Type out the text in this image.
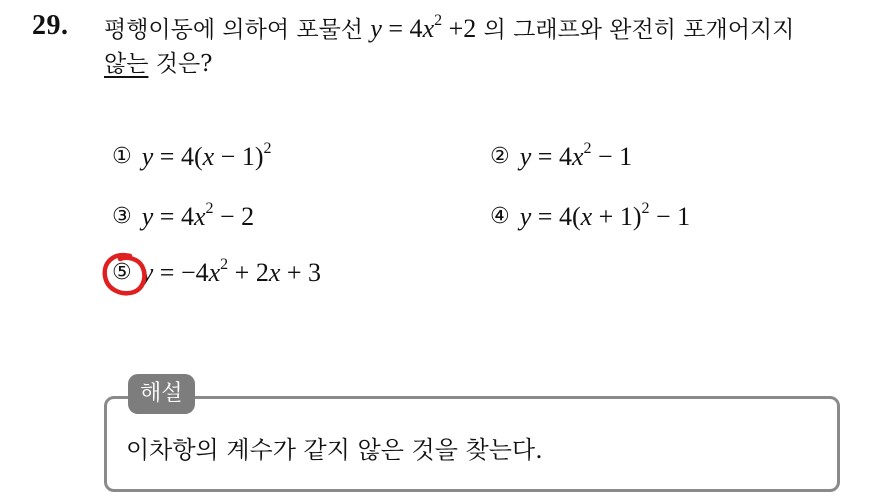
29. 평행이동에 의하여 포물선 $y = 4x^2 +2$ 의 그래프와 완전히 포개어지지
않는 것은?
① $y = 4(x - 1)^2$	② $y = 4x^2 - 1$
③ $y = 4x^2 - 2$	④ $y = 4(x + 1)^2 - 1$
⑤ $y = -4x^2 + 2x + 3$
해설
이차항의 계수가 같지 않은 것을 찾는다.
